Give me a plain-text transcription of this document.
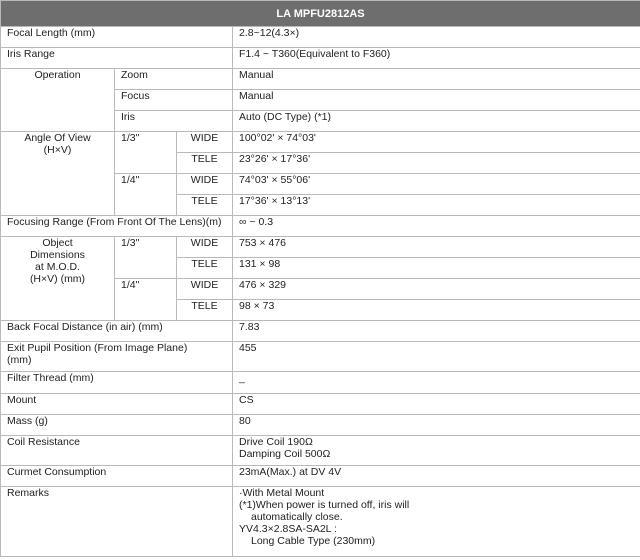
LA MPFU2812AS			
Focal Length (mm)			2.8~12(4.3×)
Iris Range			F1.4 ~ T360(Equivalent to F360)
Operation	Zoom		Manual
	Focus		Manual
	Iris		Auto (DC Type) (*1)
Angle Of View
(H×V)	1/3"	WIDE	100°02' × 74°03'
		TELE	23°26' × 17°36'
	1/4"	WIDE	74°03' × 55°06'
		TELE	17°36' × 13°13'
Focusing Range (From Front Of The Lens)(m)			∞ ~ 0.3
Object
Dimensions
at M.O.D.
(H×V) (mm)	1/3"	WIDE	753 × 476
		TELE	131 × 98
	1/4"	WIDE	476 × 329
		TELE	98 × 73
Back Focal Distance (in air) (mm)			7.83
Exit Pupil Position (From Image Plane)
(mm)			455
Filter Thread (mm)			_
Mount			CS
Mass (g)			80
Coil Resistance			Drive Coil 190Ω
Damping Coil 500Ω
Curmet Consumption			23mA(Max.) at DV 4V
Remarks			·With Metal Mount
(*1)When power is turned off, iris will
automatically close.
YV4.3×2.8SA-SA2L :
Long Cable Type (230mm)
